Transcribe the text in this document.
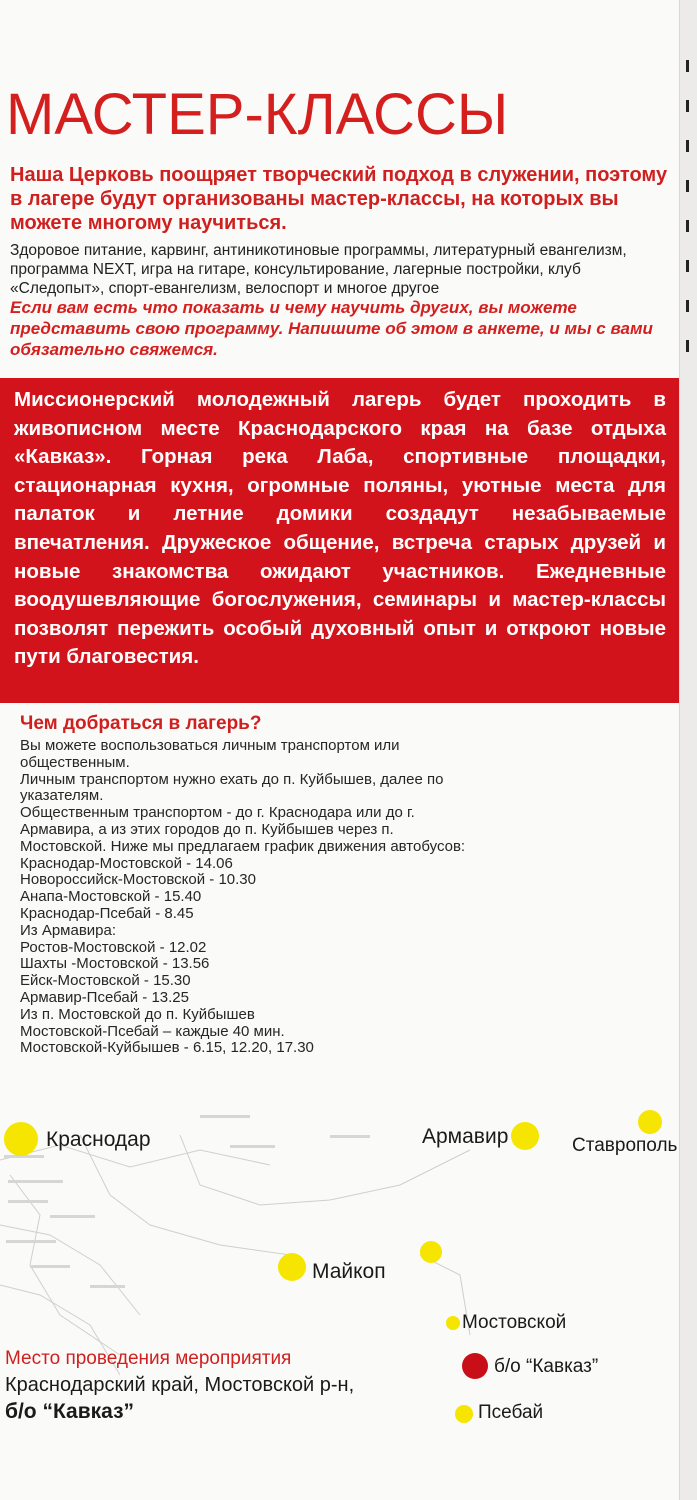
МАСТЕР-КЛАССЫ
Наша Церковь поощряет творческий подход в служении, поэтому в лагере будут организованы мастер-классы, на которых вы можете многому научиться.
Здоровое питание, карвинг, антиникотиновые программы, литературный евангелизм, программа NEXT, игра на гитаре, консультирование, лагерные постройки, клуб «Следопыт», спорт-евангелизм, велоспорт и многое другое
Если вам есть что показать и чему научить других, вы можете представить свою программу. Напишите об этом в анкете, и мы с вами обязательно свяжемся.
Миссионерский молодежный лагерь будет проходить в живописном месте Краснодарского края на базе отдыха «Кавказ». Горная река Лаба, спортивные площадки, стационарная кухня, огромные поляны, уютные места для палаток и летние домики создадут незабываемые впечатления. Дружеское общение, встреча старых друзей и новые знакомства ожидают участников. Ежедневные воодушевляющие богослужения, семинары и мастер-классы позволят пережить особый духовный опыт и откроют новые пути благовестия.
Чем добраться в лагерь?
Вы можете воспользоваться личным транспортом или
общественным.
Личным транспортом нужно ехать до п. Куйбышев, далее по
указателям.
Общественным транспортом - до г. Краснодара или до г.
Армавира, а из этих городов до п. Куйбышев через п.
Мостовской. Ниже мы предлагаем график движения автобусов:
Краснодар-Мостовской - 14.06
Новороссийск-Мостовской - 10.30
Анапа-Мостовской - 15.40
Краснодар-Псебай - 8.45
Из Армавира:
Ростов-Мостовской - 12.02
Шахты -Мостовской - 13.56
Ейск-Мостовской - 15.30
Армавир-Псебай - 13.25
Из п. Мостовской до п. Куйбышев
Мостовской-Псебай – каждые 40 мин.
Мостовской-Куйбышев - 6.15, 12.20, 17.30
Краснодар	Армавир	Ставрополь
Майкоп
Мостовской
б/о “Кавказ”
Псебай
Место проведения мероприятия
Краснодарский край, Мостовской р-н,
б/о “Кавказ”
